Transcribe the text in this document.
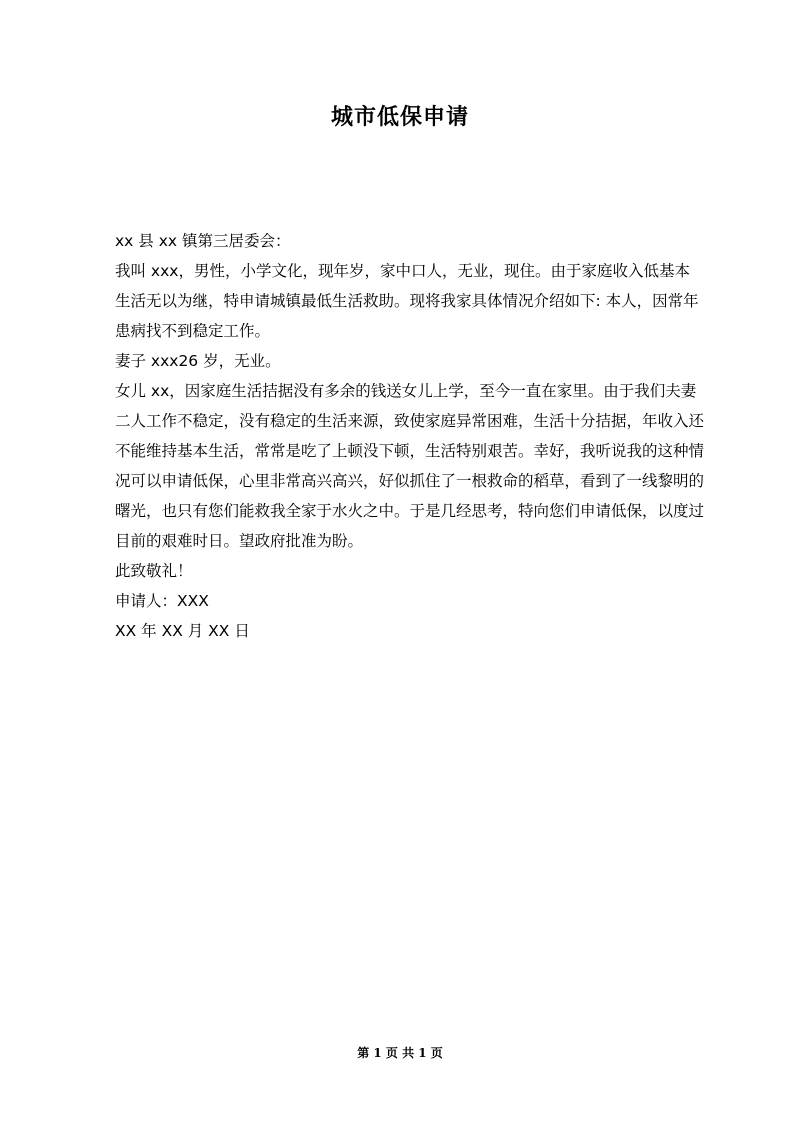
城市低保申请

xx 县 xx 镇第三居委会：

我叫 xxx，男性，小学文化，现年岁，家中口人，无业，现住。由于家庭收入低基本生活无以为继，特申请城镇最低生活救助。现将我家具体情况介绍如下: 本人，因常年患病找不到稳定工作。

妻子 xxx26 岁，无业。

女儿 xx，因家庭生活拮据没有多余的钱送女儿上学，至今一直在家里。由于我们夫妻二人工作不稳定，没有稳定的生活来源，致使家庭异常困难，生活十分拮据，年收入还不能维持基本生活，常常是吃了上顿没下顿，生活特别艰苦。幸好，我听说我的这种情况可以申请低保，心里非常高兴高兴，好似抓住了一根救命的稻草，看到了一线黎明的曙光，也只有您们能救我全家于水火之中。于是几经思考，特向您们申请低保，以度过目前的艰难时日。望政府批准为盼。

此致敬礼！

申请人：XXX

XX 年 XX 月 XX 日

第 1 页 共 1 页
